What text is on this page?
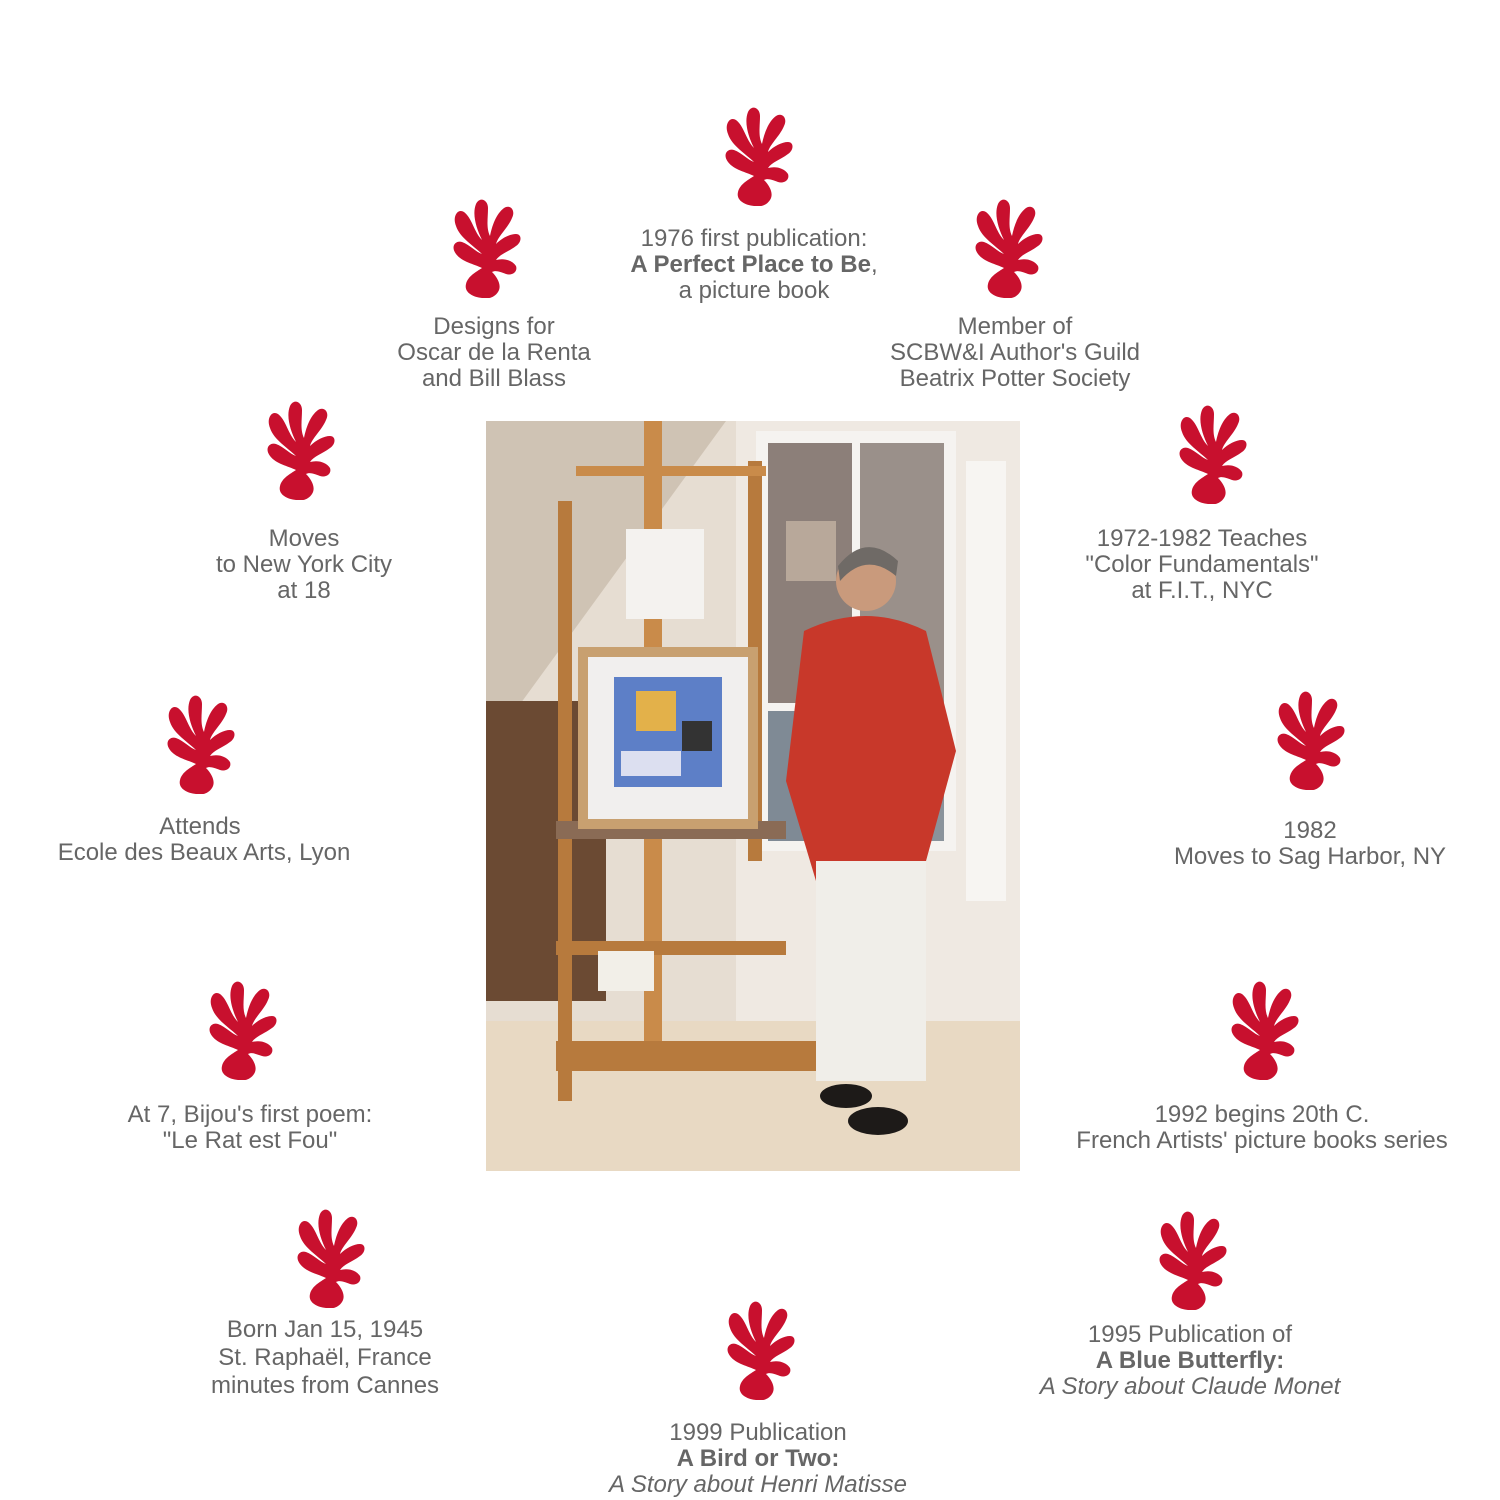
1976 first publication:
A Perfect Place to Be,
a picture book
Designs for
Oscar de la Renta
and Bill Blass
Member of
SCBW&I Author's Guild
Beatrix Potter Society
Moves
to New York City
at 18
1972-1982 Teaches
"Color Fundamentals"
at F.I.T., NYC
Attends
Ecole des Beaux Arts, Lyon
1982
Moves to Sag Harbor, NY
At 7, Bijou's first poem:
"Le Rat est Fou"
1992 begins 20th C.
French Artists' picture books series
Born Jan 15, 1945
St. Raphaël, France
minutes from Cannes
1995 Publication of
A Blue Butterfly:
A Story about Claude Monet
1999 Publication
A Bird or Two:
A Story about Henri Matisse
